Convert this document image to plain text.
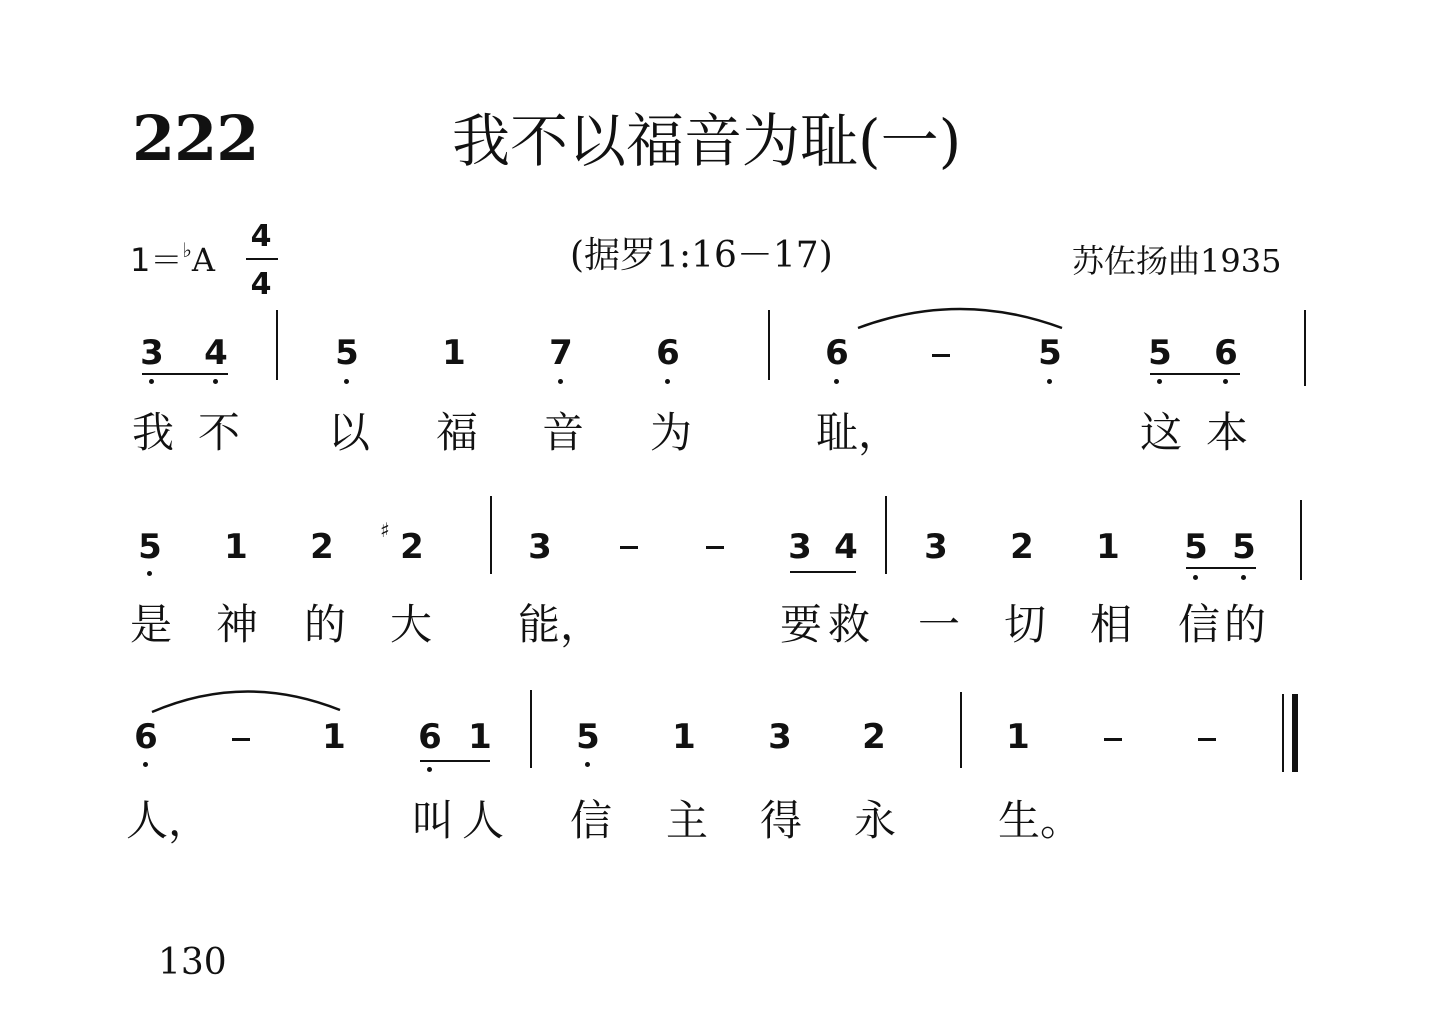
222	我不以福音为耻(一)
1＝♭A
4
4
(据罗1:16－17)	苏佐扬曲1935
3 4	5 1 7 6	6	5	5 6
我 不 以 福 音 为	耻，	这 本
5 1 2	♯ 2	3	3 4 3 2 1 5 5
是 神 的 大 能，	要 救 一 切 相 信 的
6	1 6 1 5 1 3 2	1
人，	叫 人 信 主 得 永 生。
130
